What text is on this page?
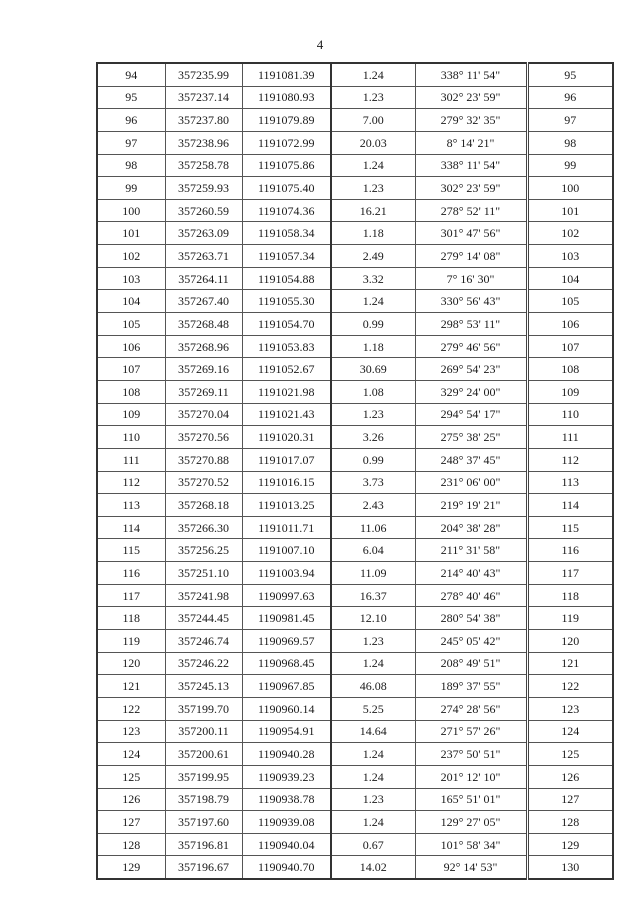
4
94	357235.99	1191081.39	1.24	338° 11' 54"	95
95	357237.14	1191080.93	1.23	302° 23' 59"	96
96	357237.80	1191079.89	7.00	279° 32' 35"	97
97	357238.96	1191072.99	20.03	8° 14' 21"	98
98	357258.78	1191075.86	1.24	338° 11' 54"	99
99	357259.93	1191075.40	1.23	302° 23' 59"	100
100	357260.59	1191074.36	16.21	278° 52' 11"	101
101	357263.09	1191058.34	1.18	301° 47' 56"	102
102	357263.71	1191057.34	2.49	279° 14' 08"	103
103	357264.11	1191054.88	3.32	7° 16' 30"	104
104	357267.40	1191055.30	1.24	330° 56' 43"	105
105	357268.48	1191054.70	0.99	298° 53' 11"	106
106	357268.96	1191053.83	1.18	279° 46' 56"	107
107	357269.16	1191052.67	30.69	269° 54' 23"	108
108	357269.11	1191021.98	1.08	329° 24' 00"	109
109	357270.04	1191021.43	1.23	294° 54' 17"	110
110	357270.56	1191020.31	3.26	275° 38' 25"	111
111	357270.88	1191017.07	0.99	248° 37' 45"	112
112	357270.52	1191016.15	3.73	231° 06' 00"	113
113	357268.18	1191013.25	2.43	219° 19' 21"	114
114	357266.30	1191011.71	11.06	204° 38' 28"	115
115	357256.25	1191007.10	6.04	211° 31' 58"	116
116	357251.10	1191003.94	11.09	214° 40' 43"	117
117	357241.98	1190997.63	16.37	278° 40' 46"	118
118	357244.45	1190981.45	12.10	280° 54' 38"	119
119	357246.74	1190969.57	1.23	245° 05' 42"	120
120	357246.22	1190968.45	1.24	208° 49' 51"	121
121	357245.13	1190967.85	46.08	189° 37' 55"	122
122	357199.70	1190960.14	5.25	274° 28' 56"	123
123	357200.11	1190954.91	14.64	271° 57' 26"	124
124	357200.61	1190940.28	1.24	237° 50' 51"	125
125	357199.95	1190939.23	1.24	201° 12' 10"	126
126	357198.79	1190938.78	1.23	165° 51' 01"	127
127	357197.60	1190939.08	1.24	129° 27' 05"	128
128	357196.81	1190940.04	0.67	101° 58' 34"	129
129	357196.67	1190940.70	14.02	92° 14' 53"	130
